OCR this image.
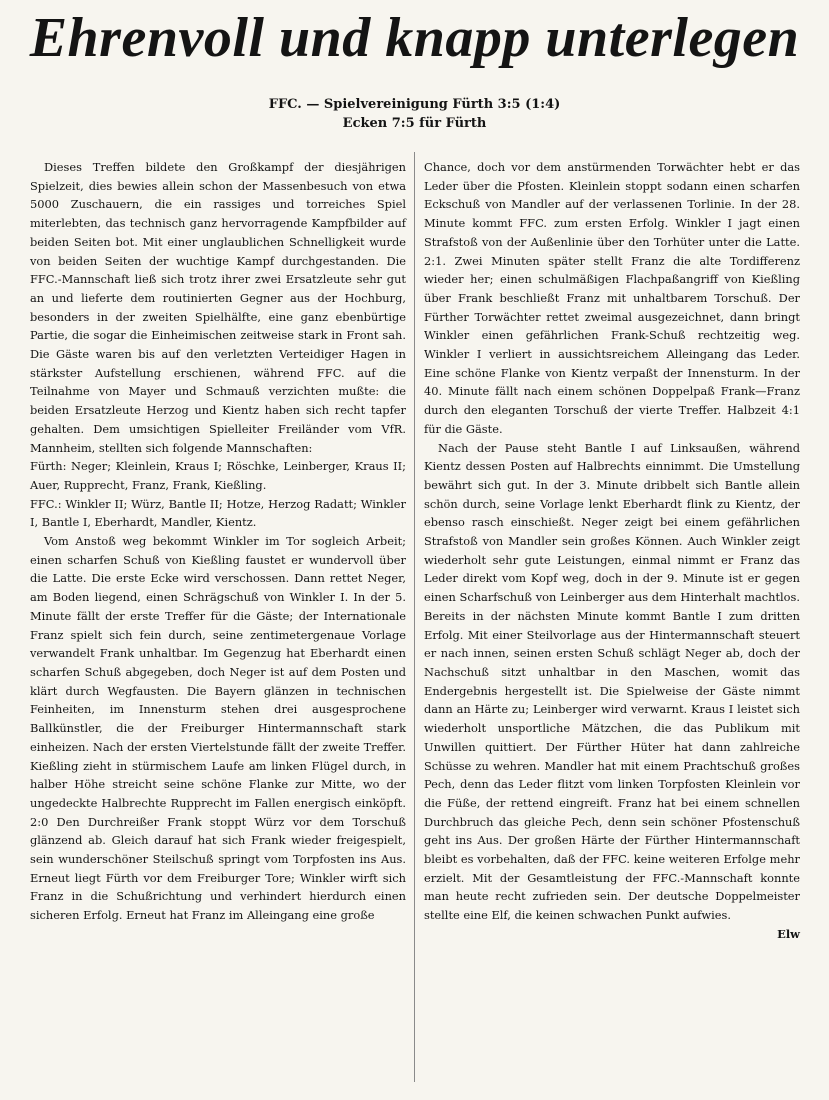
Ehrenvoll und knapp unterlegen
FFC. — Spielvereinigung Fürth 3:5 (1:4)
Ecken 7:5 für Fürth

Dieses Treffen bildete den Großkampf der diesjährigen Spielzeit, dies bewies allein schon der Massenbesuch von etwa 5000 Zuschauern, die ein rassiges und torreiches Spiel miterlebten, das technisch ganz hervorragende Kampfbilder auf beiden Seiten bot. Mit einer unglaublichen Schnelligkeit wurde von beiden Seiten der wuchtige Kampf durchgestanden. Die FFC.-Mannschaft ließ sich trotz ihrer zwei Ersatzleute sehr gut an und lieferte dem routinierten Gegner aus der Hochburg, besonders in der zweiten Spielhälfte, eine ganz ebenbürtige Partie, die sogar die Einheimischen zeitweise stark in Front sah. Die Gäste waren bis auf den verletzten Verteidiger Hagen in stärkster Aufstellung erschienen, während FFC. auf die Teilnahme von Mayer und Schmauß verzichten mußte: die beiden Ersatzleute Herzog und Kientz haben sich recht tapfer gehalten. Dem umsichtigen Spielleiter Freiländer vom VfR. Mannheim, stellten sich folgende Mannschaften:

Fürth: Neger; Kleinlein, Kraus I; Röschke, Leinberger, Kraus II; Auer, Rupprecht, Franz, Frank, Kießling.

FFC.: Winkler II; Würz, Bantle II; Hotze, Herzog Radatt; Winkler I, Bantle I, Eberhardt, Mandler, Kientz.

Vom Anstoß weg bekommt Winkler im Tor sogleich Arbeit; einen scharfen Schuß von Kießling faustet er wundervoll über die Latte. Die erste Ecke wird verschossen. Dann rettet Neger, am Boden liegend, einen Schrägschuß von Winkler I. In der 5. Minute fällt der erste Treffer für die Gäste; der Internationale Franz spielt sich fein durch, seine zentimetergenaue Vorlage verwandelt Frank unhaltbar. Im Gegenzug hat Eberhardt einen scharfen Schuß abgegeben, doch Neger ist auf dem Posten und klärt durch Wegfausten. Die Bayern glänzen in technischen Feinheiten, im Innensturm stehen drei ausgesprochene Ballkünstler, die der Freiburger Hintermannschaft stark einheizen. Nach der ersten Viertelstunde fällt der zweite Treffer. Kießling zieht in stürmischem Laufe am linken Flügel durch, in halber Höhe streicht seine schöne Flanke zur Mitte, wo der ungedeckte Halbrechte Rupprecht im Fallen energisch einköpft. 2:0 Den Durchreißer Frank stoppt Würz vor dem Torschuß glänzend ab. Gleich darauf hat sich Frank wieder freigespielt, sein wunderschöner Steilschuß springt vom Torpfosten ins Aus. Erneut liegt Fürth vor dem Freiburger Tore; Winkler wirft sich Franz in die Schußrichtung und verhindert hierdurch einen sicheren Erfolg. Erneut hat Franz im Alleingang eine große

Chance, doch vor dem anstürmenden Torwächter hebt er das Leder über die Pfosten. Kleinlein stoppt sodann einen scharfen Eckschuß von Mandler auf der verlassenen Torlinie. In der 28. Minute kommt FFC. zum ersten Erfolg. Winkler I jagt einen Strafstoß von der Außenlinie über den Torhüter unter die Latte. 2:1. Zwei Minuten später stellt Franz die alte Tordifferenz wieder her; einen schulmäßigen Flachpaßangriff von Kießling über Frank beschließt Franz mit unhaltbarem Torschuß. Der Fürther Torwächter rettet zweimal ausgezeichnet, dann bringt Winkler einen gefährlichen Frank-Schuß rechtzeitig weg. Winkler I verliert in aussichtsreichem Alleingang das Leder. Eine schöne Flanke von Kientz verpaßt der Innensturm. In der 40. Minute fällt nach einem schönen Doppelpaß Frank—Franz durch den eleganten Torschuß der vierte Treffer. Halbzeit 4:1 für die Gäste.

Nach der Pause steht Bantle I auf Linksaußen, während Kientz dessen Posten auf Halbrechts einnimmt. Die Umstellung bewährt sich gut. In der 3. Minute dribbelt sich Bantle allein schön durch, seine Vorlage lenkt Eberhardt flink zu Kientz, der ebenso rasch einschießt. Neger zeigt bei einem gefährlichen Strafstoß von Mandler sein großes Können. Auch Winkler zeigt wiederholt sehr gute Leistungen, einmal nimmt er Franz das Leder direkt vom Kopf weg, doch in der 9. Minute ist er gegen einen Scharfschuß von Leinberger aus dem Hinterhalt machtlos. Bereits in der nächsten Minute kommt Bantle I zum dritten Erfolg. Mit einer Steilvorlage aus der Hintermannschaft steuert er nach innen, seinen ersten Schuß schlägt Neger ab, doch der Nachschuß sitzt unhaltbar in den Maschen, womit das Endergebnis hergestellt ist. Die Spielweise der Gäste nimmt dann an Härte zu; Leinberger wird verwarnt. Kraus I leistet sich wiederholt unsportliche Mätzchen, die das Publikum mit Unwillen quittiert. Der Fürther Hüter hat dann zahlreiche Schüsse zu wehren. Mandler hat mit einem Prachtschuß großes Pech, denn das Leder flitzt vom linken Torpfosten Kleinlein vor die Füße, der rettend eingreift. Franz hat bei einem schnellen Durchbruch das gleiche Pech, denn sein schöner Pfostenschuß geht ins Aus. Der großen Härte der Fürther Hintermannschaft bleibt es vorbehalten, daß der FFC. keine weiteren Erfolge mehr erzielt. Mit der Gesamtleistung der FFC.-Mannschaft konnte man heute recht zufrieden sein. Der deutsche Doppelmeister stellte eine Elf, die keinen schwachen Punkt aufwies.

Elw
